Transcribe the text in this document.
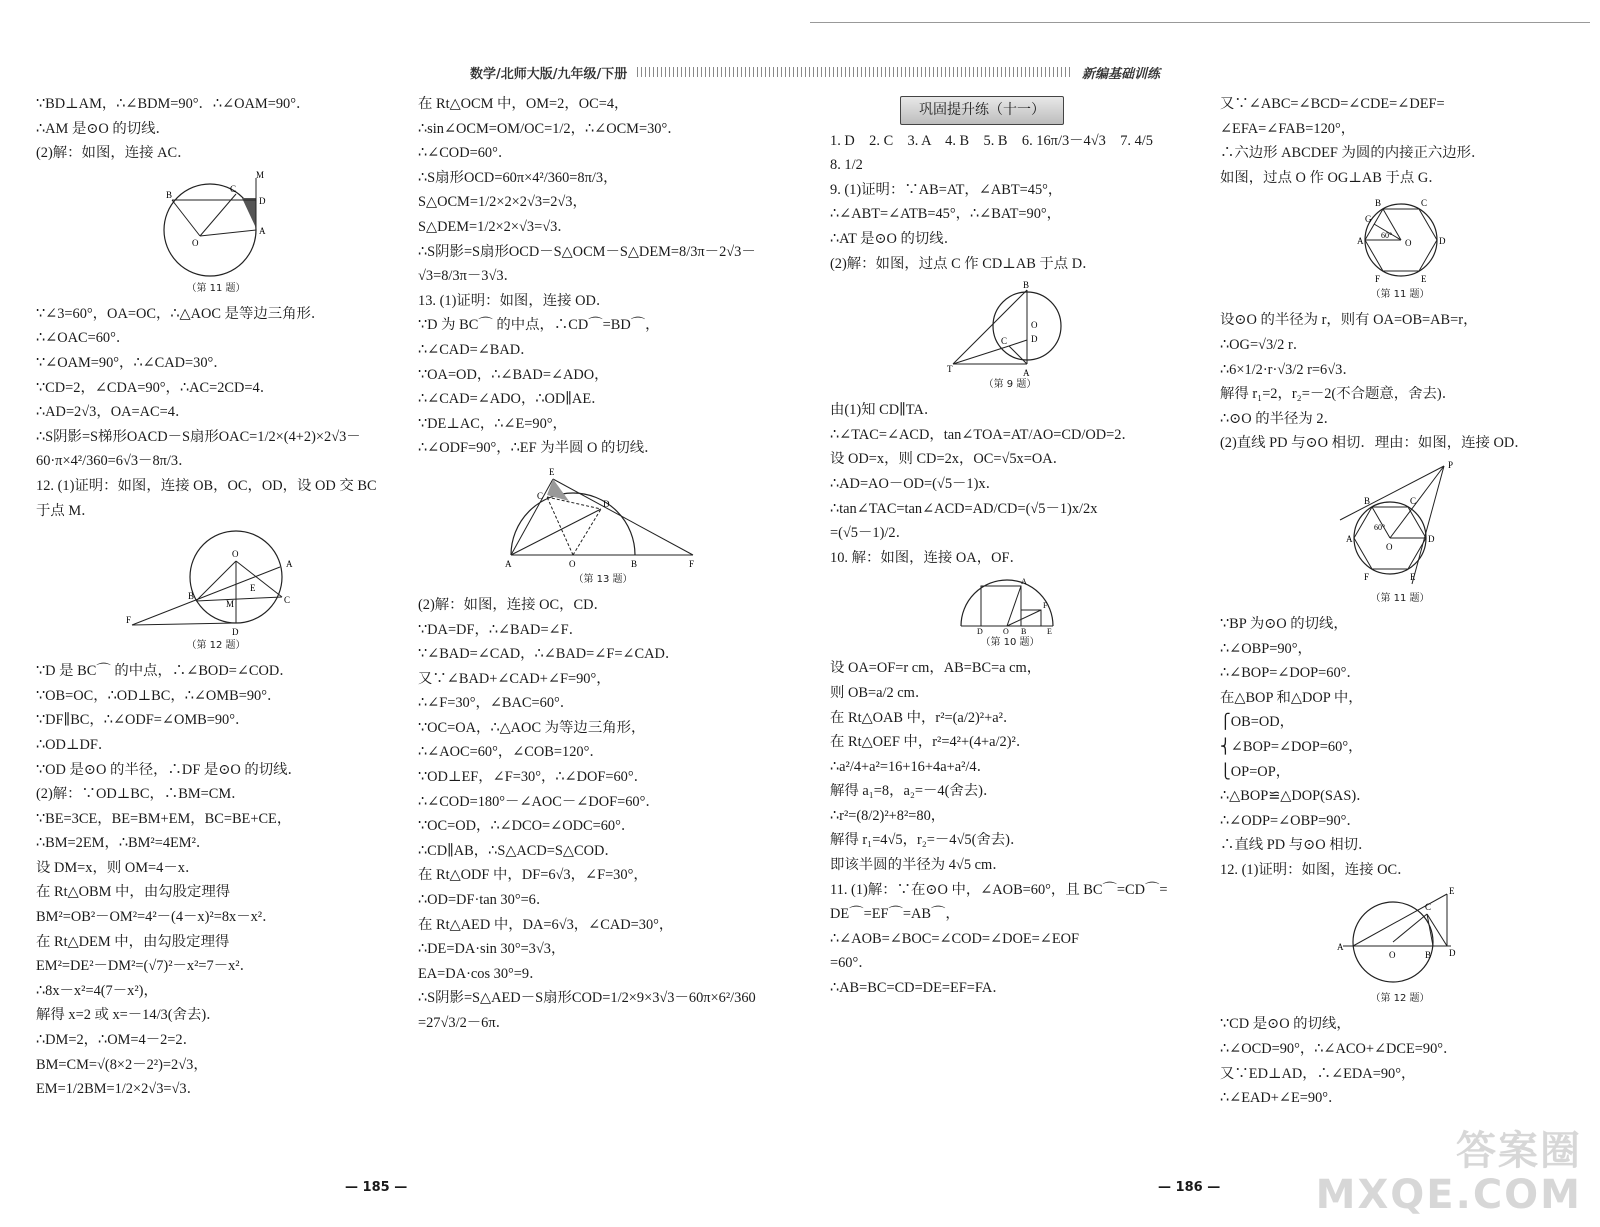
数学/北师大版/九年级/下册	新编基础训练
∵BD⊥AM，∴∠BDM=90°．∴∠OAM=90°．
∴AM 是⊙O 的切线．
(2)解：如图，连接 AC．
M
B
C
D
A
O
（第 11 题）
∵∠3=60°，OA=OC，∴△AOC 是等边三角形．
∴∠OAC=60°．
∵∠OAM=90°，∴∠CAD=30°．
∵CD=2，∠CDA=90°，∴AC=2CD=4．
∴AD=2√3，OA=AC=4．
∴S阴影=S梯形OACD－S扇形OAC=1/2×(4+2)×2√3－
60·π×4²/360=6√3－8π/3．
12. (1)证明：如图，连接 OB，OC，OD，设 OD 交 BC
于点 M．
F
B
O
A
C
D
E
M
（第 12 题）
∵D 是 BC⌒ 的中点，∴∠BOD=∠COD．
∵OB=OC，∴OD⊥BC，∴∠OMB=90°．
∵DF∥BC，∴∠ODF=∠OMB=90°．
∴OD⊥DF．
∵OD 是⊙O 的半径，∴DF 是⊙O 的切线．
(2)解：∵OD⊥BC，∴BM=CM．
∵BE=3CE，BE=BM+EM，BC=BE+CE，
∴BM=2EM，∴BM²=4EM²．
设 DM=x，则 OM=4－x．
在 Rt△OBM 中，由勾股定理得
BM²=OB²－OM²=4²－(4－x)²=8x－x²．
在 Rt△DEM 中，由勾股定理得
EM²=DE²－DM²=(√7)²－x²=7－x²．
∴8x－x²=4(7－x²)，
解得 x=2 或 x=－14/3(舍去)．
∴DM=2，∴OM=4－2=2．
BM=CM=√(8×2－2²)=2√3，
EM=1/2BM=1/2×2√3=√3．
在 Rt△OCM 中，OM=2，OC=4，
∴sin∠OCM=OM/OC=1/2，∴∠OCM=30°．
∴∠COD=60°．
∴S扇形OCD=60π×4²/360=8π/3，
S△OCM=1/2×2×2√3=2√3，
S△DEM=1/2×2×√3=√3．
∴S阴影=S扇形OCD－S△OCM－S△DEM=8/3π－2√3－
√3=8/3π－3√3．
13. (1)证明：如图，连接 OD．
∵D 为 BC⌒ 的中点，∴CD⌒=BD⌒，
∴∠CAD=∠BAD．
∵OA=OD，∴∠BAD=∠ADO，
∴∠CAD=∠ADO，∴OD∥AE．
∵DE⊥AC，∴∠E=90°，
∴∠ODF=90°，∴EF 为半圆 O 的切线．
A	O	B	F
E
C
D
（第 13 题）
(2)解：如图，连接 OC，CD．
∵DA=DF，∴∠BAD=∠F．
∵∠BAD=∠CAD，∴∠BAD=∠F=∠CAD．
又∵∠BAD+∠CAD+∠F=90°，
∴∠F=30°，∠BAC=60°．
∵OC=OA，∴△AOC 为等边三角形，
∴∠AOC=60°，∠COB=120°．
∵OD⊥EF，∠F=30°，∴∠DOF=60°．
∴∠COD=180°－∠AOC－∠DOF=60°．
∵OC=OD，∴∠DCO=∠ODC=60°．
∴CD∥AB，∴S△ACD=S△COD．
在 Rt△ODF 中，DF=6√3，∠F=30°，
∴OD=DF·tan 30°=6．
在 Rt△AED 中，DA=6√3，∠CAD=30°，
∴DE=DA·sin 30°=3√3，
EA=DA·cos 30°=9．
∴S阴影=S△AED－S扇形COD=1/2×9×3√3－60π×6²/360
=27√3/2－6π．
巩固提升练（十一）
1. D　2. C　3. A　4. B　5. B　6. 16π/3－4√3　7. 4/5
8. 1/2
9. (1)证明：∵AB=AT，∠ABT=45°，
∴∠ABT=∠ATB=45°，∴∠BAT=90°，
∴AT 是⊙O 的切线．
(2)解：如图，过点 C 作 CD⊥AB 于点 D．
B
T	A
C	D
O
（第 9 题）
由(1)知 CD∥TA．
∴∠TAC=∠ACD，tan∠TOA=AT/AO=CD/OD=2．
设 OD=x，则 CD=2x，OC=√5x=OA．
∴AD=AO－OD=(√5－1)x．
∴tan∠TAC=tan∠ACD=AD/CD=(√5－1)x/2x
=(√5－1)/2．
10. 解：如图，连接 OA，OF．
D	O B	E
A
F
（第 10 题）
设 OA=OF=r cm，AB=BC=a cm，
则 OB=a/2 cm．
在 Rt△OAB 中，r²=(a/2)²+a²．
在 Rt△OEF 中，r²=4²+(4+a/2)²．
∴a²/4+a²=16+16+4a+a²/4．
解得 a₁=8，a₂=－4(舍去)．
∴r²=(8/2)²+8²=80，
解得 r₁=4√5，r₂=－4√5(舍去)．
即该半圆的半径为 4√5 cm．
11. (1)解：∵在⊙O 中，∠AOB=60°，且 BC⌒=CD⌒=
DE⌒=EF⌒=AB⌒，
∴∠AOB=∠BOC=∠COD=∠DOE=∠EOF
=60°．
∴AB=BC=CD=DE=EF=FA．
又∵∠ABC=∠BCD=∠CDE=∠DEF=
∠EFA=∠FAB=120°，
∴六边形 ABCDEF 为圆的内接正六边形．
如图，过点 O 作 OG⊥AB 于点 G．
B	C
D
E
F
A
G
O
60°
（第 11 题）
设⊙O 的半径为 r，则有 OA=OB=AB=r，
∴OG=√3/2 r．
∴6×1/2·r·√3/2 r=6√3．
解得 r₁=2，r₂=－2(不合题意，舍去)．
∴⊙O 的半径为 2．
(2)直线 PD 与⊙O 相切．理由：如图，连接 OD．
B	C
D
E
F
A
O
P
60°
（第 11 题）
∵BP 为⊙O 的切线，
∴∠OBP=90°，
∴∠BOP=∠DOP=60°．
在△BOP 和△DOP 中，
⎧OB=OD，
⎨∠BOP=∠DOP=60°，
⎩OP=OP，
∴△BOP≌△DOP(SAS)．
∴∠ODP=∠OBP=90°．
∴直线 PD 与⊙O 相切．
12. (1)证明：如图，连接 OC．
A
O	B D
C
E
（第 12 题）
∵CD 是⊙O 的切线，
∴∠OCD=90°，∴∠ACO+∠DCE=90°．
又∵ED⊥AD，∴∠EDA=90°，
∴∠EAD+∠E=90°．
— 185 —	— 186 —
答案圈
MXQE.COM
